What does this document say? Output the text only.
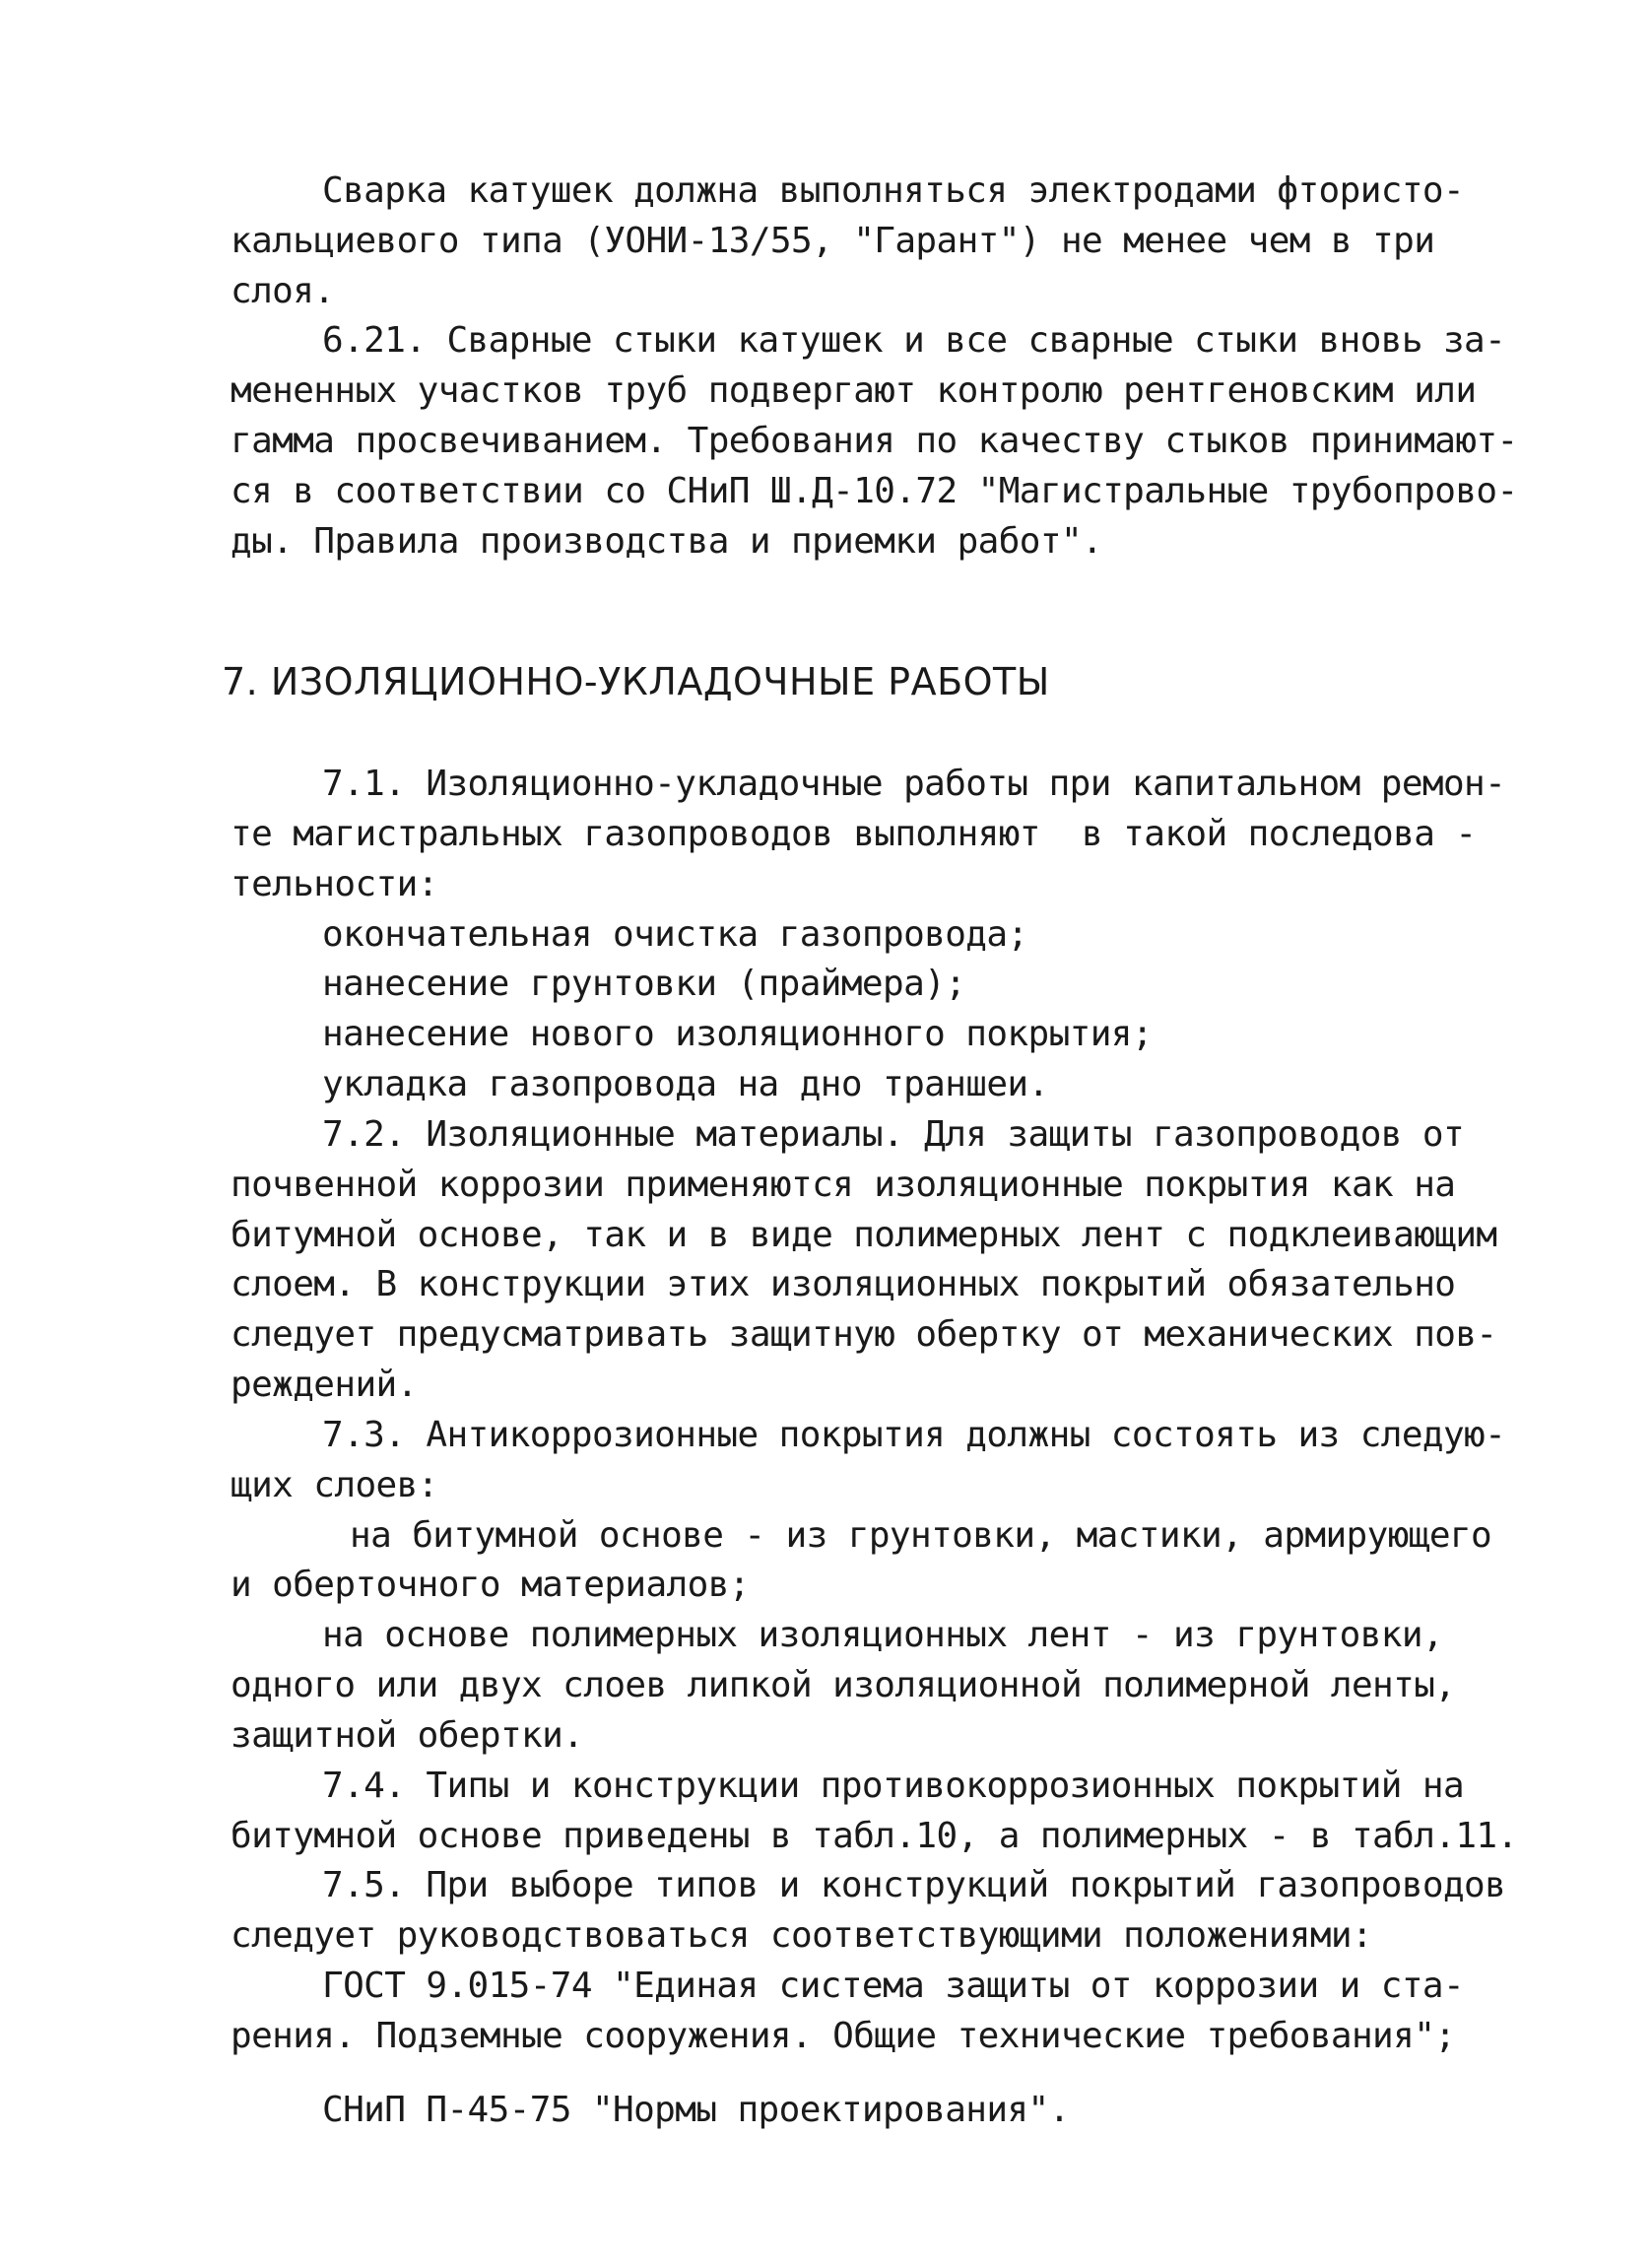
Сварка катушек должна выполняться электродами фтористо-
кальциевого типа (УОНИ-13/55, "Гарант") не менее чем в три
слоя.
6.21. Сварные стыки катушек и все сварные стыки вновь за-
мененных участков труб подвергают контролю рентгеновским или
гамма просвечиванием. Требования по качеству стыков принимают-
ся в соответствии со СНиП Ш.Д-10.72 "Магистральные трубопрово-
ды. Правила производства и приемки работ".
7. ИЗОЛЯЦИОННО-УКЛАДОЧНЫЕ РАБОТЫ
7.1. Изоляционно-укладочные работы при капитальном ремон-
те магистральных газопроводов выполняют  в такой последова -
тельности:
окончательная очистка газопровода;
нанесение грунтовки (праймера);
нанесение нового изоляционного покрытия;
укладка газопровода на дно траншеи.
7.2. Изоляционные материалы. Для защиты газопроводов от
почвенной коррозии применяются изоляционные покрытия как на
битумной основе, так и в виде полимерных лент с подклеивающим
слоем. В конструкции этих изоляционных покрытий обязательно
следует предусматривать защитную обертку от механических пов-
реждений.
7.3. Антикоррозионные покрытия должны состоять из следую-
щих слоев:
на битумной основе - из грунтовки, мастики, армирующего
и оберточного материалов;
на основе полимерных изоляционных лент - из грунтовки,
одного или двух слоев липкой изоляционной полимерной ленты,
защитной обертки.
7.4. Типы и конструкции противокоррозионных покрытий на
битумной основе приведены в табл.10, а полимерных - в табл.11.
7.5. При выборе типов и конструкций покрытий газопроводов
следует руководствоваться соответствующими положениями:
ГОСТ 9.015-74 "Единая система защиты от коррозии и ста-
рения. Подземные сооружения. Общие технические требования";
СНиП П-45-75 "Нормы проектирования".
